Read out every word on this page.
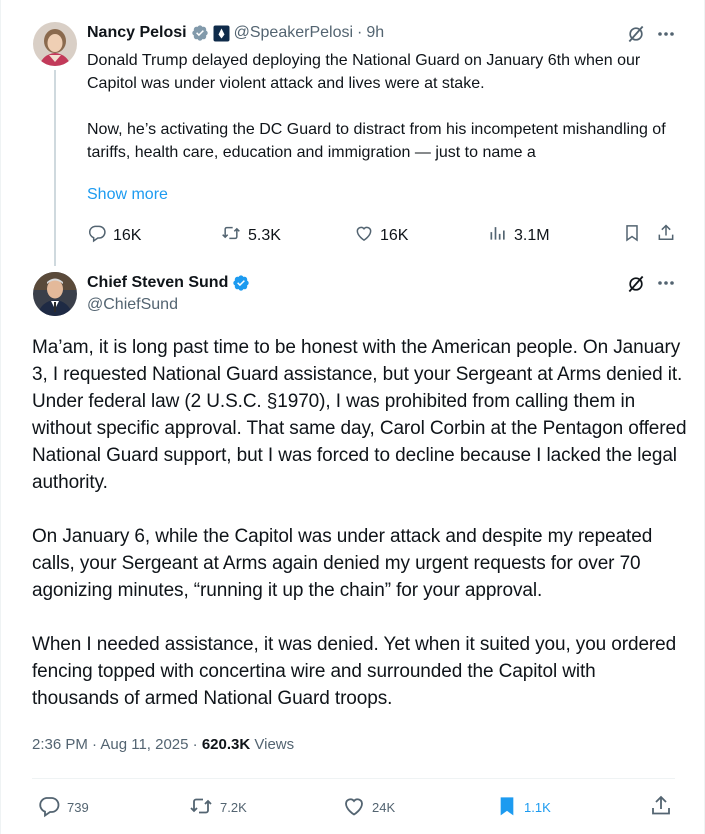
Nancy Pelosi	@SpeakerPelosi · 9h

Donald Trump delayed deploying the National Guard on January 6th when our Capitol was under violent attack and lives were at stake.

Now, he’s activating the DC Guard to distract from his incompetent mishandling of tariffs, health care, education and immigration — just to name a

Show more
16K	5.3K	16K	3.1M
Chief Steven Sund
@ChiefSund

Ma’am, it is long past time to be honest with the American people. On January 3, I requested National Guard assistance, but your Sergeant at Arms denied it. Under federal law (2 U.S.C. §1970), I was prohibited from calling them in without specific approval. That same day, Carol Corbin at the Pentagon offered National Guard support, but I was forced to decline because I lacked the legal authority.

On January 6, while the Capitol was under attack and despite my repeated calls, your Sergeant at Arms again denied my urgent requests for over 70 agonizing minutes, “running it up the chain” for your approval.

When I needed assistance, it was denied. Yet when it suited you, you ordered fencing topped with concertina wire and surrounded the Capitol with thousands of armed National Guard troops.

2:36 PM · Aug 11, 2025 · 620.3K Views
739	7.2K	24K	1.1K
